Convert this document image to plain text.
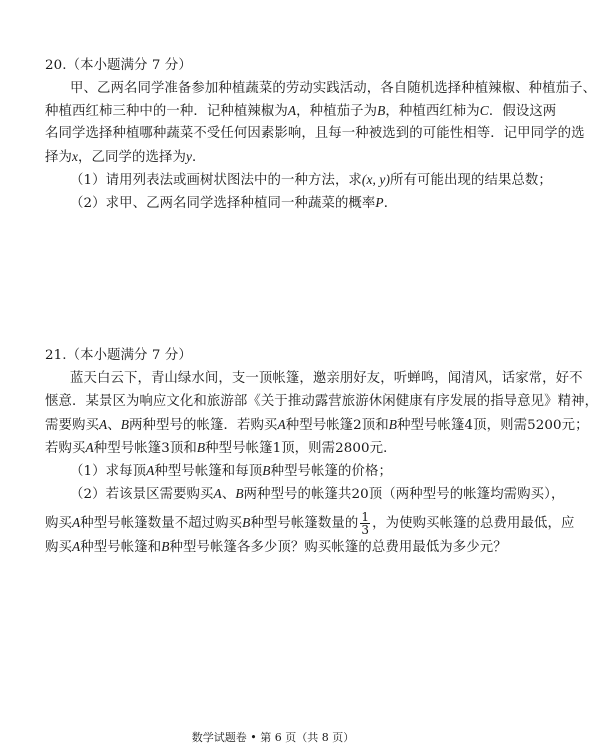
20.（本小题满分 7 分）
甲、乙两名同学准备参加种植蔬菜的劳动实践活动，各自随机选择种植辣椒、种植茄子、
种植西红柿三种中的一种．记种植辣椒为A，种植茄子为B，种植西红柿为C．假设这两
名同学选择种植哪种蔬菜不受任何因素影响，且每一种被选到的可能性相等．记甲同学的选
择为x，乙同学的选择为y．
（1）请用列表法或画树状图法中的一种方法，求(x, y)所有可能出现的结果总数；
（2）求甲、乙两名同学选择种植同一种蔬菜的概率P．
21.（本小题满分 7 分）
蓝天白云下，青山绿水间，支一顶帐篷，邀亲朋好友，听蝉鸣，闻清风，话家常，好不
惬意．某景区为响应文化和旅游部《关于推动露营旅游休闲健康有序发展的指导意见》精神，
需要购买A、B两种型号的帐篷．若购买A种型号帐篷2顶和B种型号帐篷4顶，则需5200元；
若购买A种型号帐篷3顶和B种型号帐篷1顶，则需2800元．
（1）求每顶A种型号帐篷和每顶B种型号帐篷的价格；
（2）若该景区需要购买A、B两种型号的帐篷共20顶（两种型号的帐篷均需购买），
购买A种型号帐篷数量不超过购买B种型号帐篷数量的 $\frac{1}{3}$ ，为使购买帐篷的总费用最低，应
购买A种型号帐篷和B种型号帐篷各多少顶？购买帐篷的总费用最低为多少元？
数学试题卷 • 第 6 页（共 8 页）
